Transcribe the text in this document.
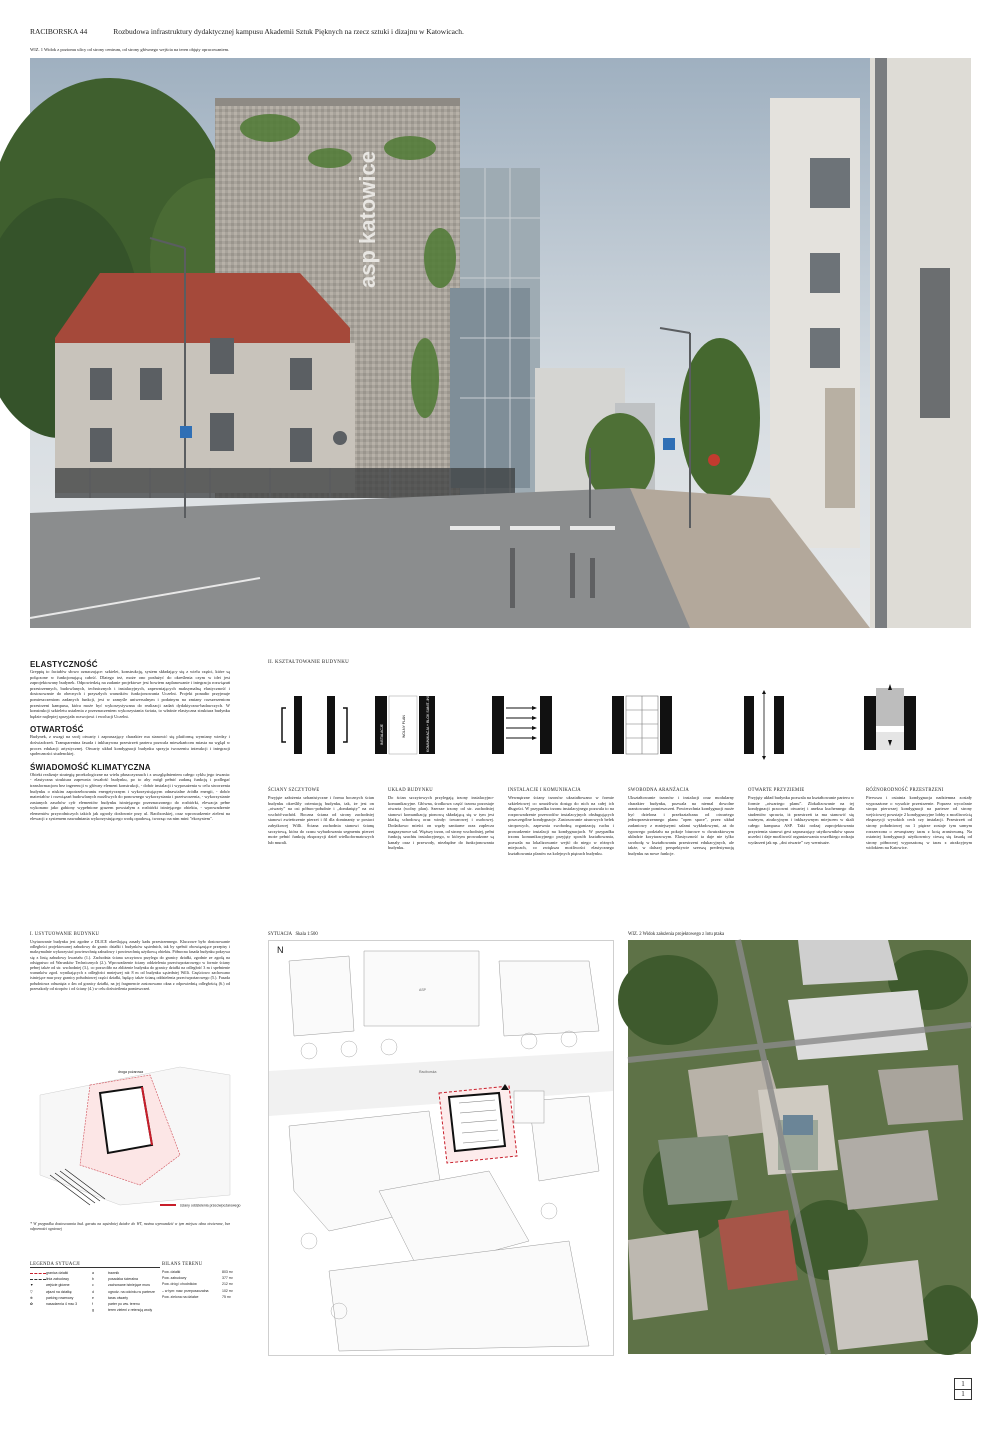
RACIBORSKA 44	Rozbudowa infrastruktury dydaktycznej kampusu Akademii Sztuk Pięknych na rzecz sztuki i dizajnu w Katowicach.
WIZ. 1 Widok z poziomu ulicy od strony centrum, od strony głównego wejścia na teren objęty opracowaniem.
asp katowice
ELASTYCZNOŚĆ
Greppię to faciałów słowo oznaczające: szkielet, konstrukcję, system składający się z wielu części, które są połączone w funkcjonującą całość. Dlatego też, może ono posłużyć do określenia czym w idei jest zaprojektowany budynek. Odpowiedzią na zadanie projektowe jest bowiem zaplanowanie i integracja rozwiązań przestrzennych, budowlanych, technicznych i instalacyjnych, zapewniających maksymalną elastyczność i dostosowanie do obecnych i przyszłych warunków funkcjonowania Uczelni. Projekt ponadto przyjmuje pomieszczeniom zadanych funkcji, jest w zamyśle uniwersalnym i podatnym na zmiany rozszerzeniom przestrzeni kampusu, która może być wykorzystywana do realizacji zadań dydaktyczno-badawczych. W konstrukcji szkieletu ustalenia z przeznaczeniem wykorzystania świata, to właśnie elastyczna struktura budynku będzie najlepiej sprzyjała rozwojowi i ewolucji Uczelni.
OTWARTOŚĆ
Budynek, z uwagi na swój otwarty i zapraszający charakter ma stanowić się platformą wymiany wiedzy i doświadczeń. Transparentna fasada i inkluzywna przestrzeń parteru pozwala mieszkańcom miasta na wgląd w proces edukacji artystycznej. Otwarty układ kondygnacji budynku sprzyja tworzeniu interakcji i integracji społeczności studenckiej.
ŚWIADOMOŚĆ KLIMATYCZNA
Obiekt realizuje strategię proekologiczne na wielu płaszczyznach i z uwzględnieniem całego cyklu jego trwania: - elastyczna struktura zapewnia trwałość budynku, po to aby mógł pełnić zadaną funkcję i podlegać transformacjom bez ingerencji w główny element konstrukcji, - dobór instalacji i wyposażenia w celu stworzenia budynku o niskim zapotrzebowaniu energetycznym i wykorzystującym odnawialne źródła energii, - dobór materiałów i rozwiązań budowlanych możliwych do ponownego wykorzystania i przetworzenia, - wykorzystanie zastanych zasobów cyfr elementów budynku istniejącego przeznaczonego do rozbiórki, elewacja pełne wykonano jako gabiony wypełnione gruzem powstałym z rozbiórki istniejącego obiektu, - wprowadzenie elementów przyrodniczych takich jak ogrody dosłownie przy ul. Raciborskiej, oraz wprowadzenie zieleni na elewacji z systemem nawadniania wykorzystującego wodę opadową, tworząc na nim mini "ekosystem".
II. KSZTAŁTOWANIE BUDYNKU
INSTALACJE	WOLNY PLAN	KOMUNIKACJA + BLOK SANIT.-INST.
ŚCIANY SZCZYTOWE
Przyjęte założenia urbanistyczne i forma bocznych ścian budynku określiły orientację budynku, tak, że jest on „otwarty” na osi północ-południe i „domknięty” na osi wschód-zachód. Boczna ściana od strony zachodniej stanowi zwieńczenie pierzei i fil dla dominanty w postaci zabytkowej Willi. Ściana zachodnia stanowi ścianę szczytową, która do czasu wybudowania segmentu pierzei może pełnić funkcję ekspozycji dzieł wielkoformatowych lub murali.
UKŁAD BUDYNKU
Do ścian szczytowych przylegają trzony instalacyjno-komunikacyjne. Główna, środkowa część trzonu pozostaje otwarta (wolny plan). Szersze trzony od str. zachodniej stanowi komunikację pionową składającą się w tym jest klatką schodową oraz windy: towarowej i osobowej. Dodatkowo mieści on węzły sanitarne oraz zaplecza magazynowe sal. Węższy trzon, od strony wschodniej, pełni funkcję szachtu instalacyjnego, w którym prowadzone są kanały oraz i przewody, niezbędne do funkcjonowania budynku.
INSTALACJE I KOMUNIKACJA
Wewnętrzne ściany trzonów ukształtowano w formie szkieletowej co umożliwia dostęp do nich na całej ich długości. W przypadku trzonu instalacyjnego pozwala to na rozprowadzenie przewodów instalacyjnych obsługujących poszczególne kondygnacje. Zastosowanie ażurowych belek stropowych, zapewnia swobodną organizację ruchu i prowadzenie instalacji na kondygnacjach. W przypadku trzonu komunikacyjnego przyjęty sposób kształtowania, pozwala na lokalizowanie wejść do niego w różnych miejscach, co zwiększa możliwości elastycznego kształtowania planów na kolejnych piętrach budynku.
SWOBODNA ARANŻACJA
Ukształtowanie trzonów i instalacji oraz modularny charakter budynku, pozwala na niemal dowolne aranżowanie pomieszczeń. Powierzchnia kondygnacji może być dzielona i przekształcana od otwartego jednoprzestrzennego planu "open space", przez układ zadaniowy z mniejszymi salami wykładowymi, aż do typowego podziału na pokoje biurowe w dwutraktowym układzie korytarzowym. Elastyczność ta daje nie tylko swobodę w kształtowaniu przestrzeni edukacyjnych, ale także, w dalszej perspektywie szerszą predestynację budynku na nowe funkcje.
OTWARTE PRZYZIEMIE
Przyjęty układ budynku pozwala na kształtowanie parteru w formie „otwartego planu”. Zlokalizowanie na tej kondygnacji pracowni otwartej i aneksu kuchennego dla studentów sprawia, iż przestrzeń ta ma stanowić się ważnym, atrakcyjnym i inkluzywnym miejscem w skali całego kampusu ASP. Taki rodzaj zaprojektowania przyziemia stanowi gest zapraszający użytkowników spoza uczelni i daje możliwość organizowania wszelkiego rodzaju wydarzeń jak np. „dni otwarte” czy wernisaże.
RÓŻNORODNOŚĆ PRZESTRZENI
Pierwsza i ostatnia kondygnacja nadziemna zostały wyposażone o wysokie przestrzenie. Poprzez wycofanie stropu pierwszej kondygnacji na parterze od strony wejściowej powstaje 2 kondygnacyjne lobby z możliwością ekspozycji wysokich cech czy instalacji. Przestrzeń od strony południowej na 1 piętrze zostaje tym samym rozszerzona o zewnętrzny taras z kotą aranżowaną. Na ostatniej kondygnacji użytkownicy cieszą się fasadą od strony północnej wyposażoną w taras z atrakcyjnym widokiem na Katowice.
I. USYTUOWANIE BUDYNKU
Usytuowanie budynku jest zgodne z DLICE określającą zasady kadu przestrzennego. Kluczowe było dostosowanie odległości projektowanej zabudowy do granic działki i budynków sąsiednich, tak by spełnić obowiązujące przepisy i maksymalnie wykorzystać powierzchnię zabudowy i powierzchnię użytkową obiektu. Północna fasada budynku pokrywa się z linią zabudowy kwartału (1.). Zachodnia ściana szczytowa przylega do granicy działki, zgodnie ze zgodą na odstępstwo od Warunków Technicznych (2.). Wprowadzenie ściany oddzielenia przeciwpożarowego w formie ściany pełnej także od str. wschodniej (3.), co pozwoliło na zbliżenie budynku do granicy działki na odległość 3 m i spełnienie warunków zgod. wynikających z odległości mniejszej niż 8 m od budynku sąsiedniej Willi. Częściowo zachowano istniejące mur przy granicy południowej części działki, będący także ścianą oddzielenia przeciwpożarowego (5.). Fasada południowa odsunięta o 4m od granicy działki, na jej fragmencie zastosowano okna z odpowiednią odległością (6.) od przeszkody od stropów i od ściany (4.) w celu doświetlenia pomieszczeń.
droga pożarowa
ściany oddzielenia przeciwpożarowego
* W przypadku dostosowania bud. garażu na sąsiedniej działce do WT, można wprowadzić w tym miejscu okna otwierane, bez odporności ogniowej
LEGENDA SYTUACJI
granica działki
linia zabudowy
▼	wejście główne
▽	wjazd na działkę
⊕	parking rowerowy
✿	nasadzenia 4 msc 3
a	trawnik
b	posadzka ścieralna
c	zachowane istniejące muru
d	ogrodz. na odcinku w parterze
e	taras otwarty
f	parter po ww. terenu
g	teren zieleni z retencją wody
BILANS TERENU
Pow. działki	803 m²
Pow. zabudowy	377 m²
Pow. dróg i chodników	212 m²
– w tym: naw. przepuszczalna	102 m²
Pow. zielona na działce	75 m²
SYTUACJA Skala 1:500
N
Raciborska
ASP
WIZ. 2 Widok założenia projektowego z lotu ptaka
1
1
